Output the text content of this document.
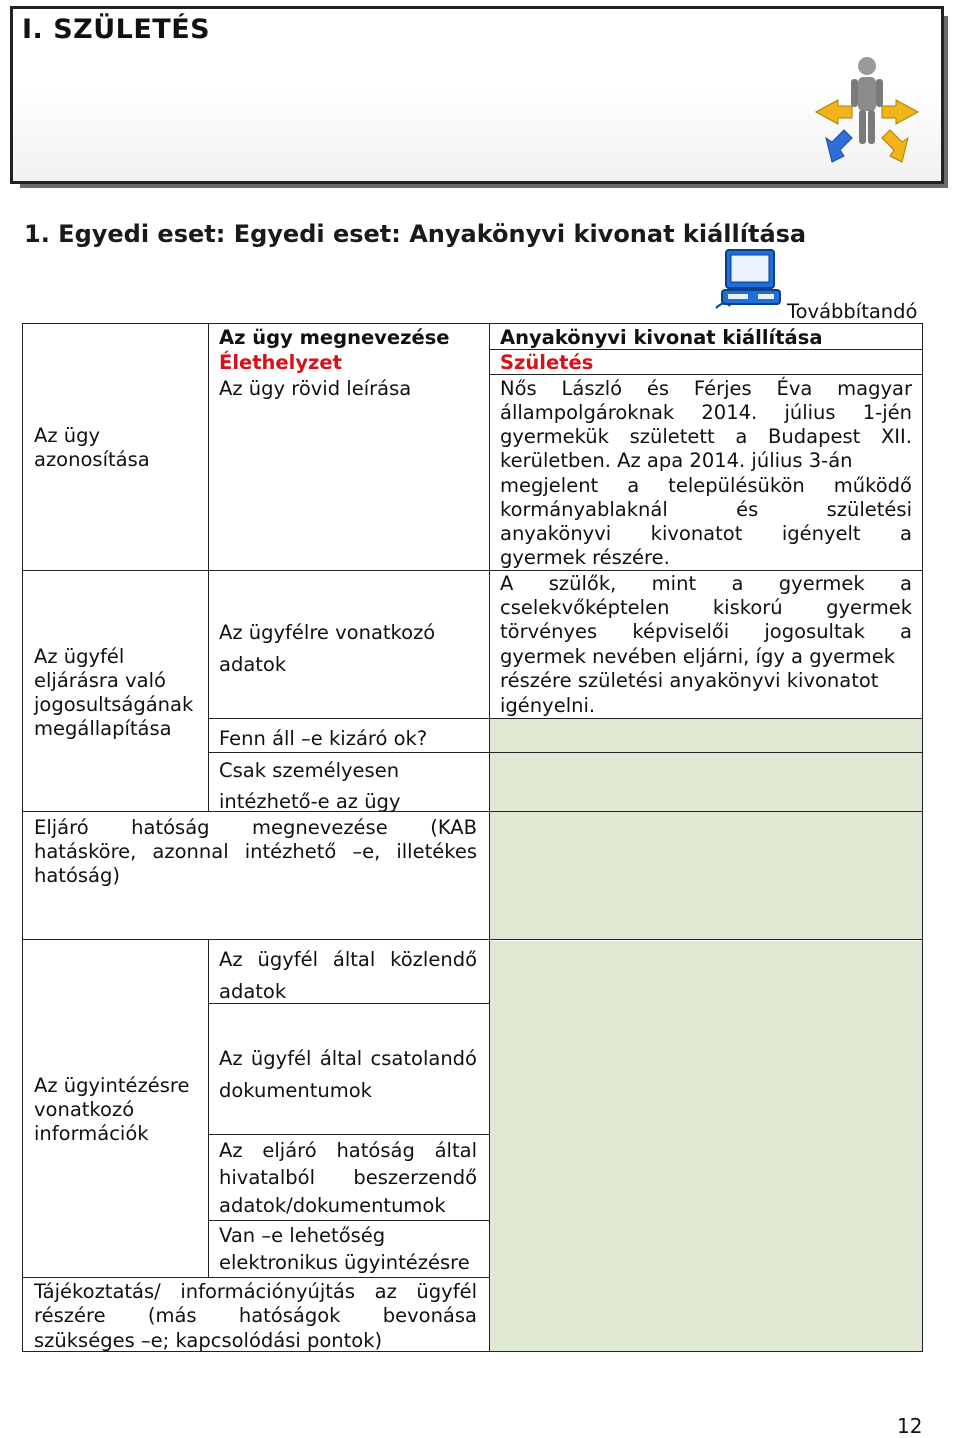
I. SZÜLETÉS
1. Egyedi eset: Egyedi eset: Anyakönyvi kivonat kiállítása
Továbbítandó
Az ügy
azonosítása
Az ügyfél
eljárásra való
jogosultságának
megállapítása
Az ügy megnevezése
Élethelyzet
Az ügy rövid leírása
Az ügyfélre vonatkozó
adatok
Fenn áll –e kizáró ok?
Csak személyesen
intézhető-e az ügy
Eljáró hatóság megnevezése (KAB
hatásköre, azonnal intézhető –e, illetékes
hatóság)
Anyakönyvi kivonat kiállítása
Születés
Nős László és Férjes Éva magyar
állampolgároknak 2014. július 1-jén
gyermekük született a Budapest XII.
kerületben. Az apa 2014. július 3-án
megjelent a településükön működő
kormányablaknál és születési
anyakönyvi kivonatot igényelt a
gyermek részére.
A szülők, mint a gyermek a
cselekvőképtelen kiskorú gyermek
törvényes képviselői jogosultak a
gyermek nevében eljárni, így a gyermek
részére születési anyakönyvi kivonatot
igényelni.
Az ügyintézésre
vonatkozó
információk
Az ügyfél által közlendő
adatok
Az ügyfél által csatolandó
dokumentumok
Az eljáró hatóság által
hivatalból beszerzendő
adatok/dokumentumok
Van –e lehetőség
elektronikus ügyintézésre
Tájékoztatás/ információnyújtás az ügyfél
részére (más hatóságok bevonása
szükséges –e; kapcsolódási pontok)
12
